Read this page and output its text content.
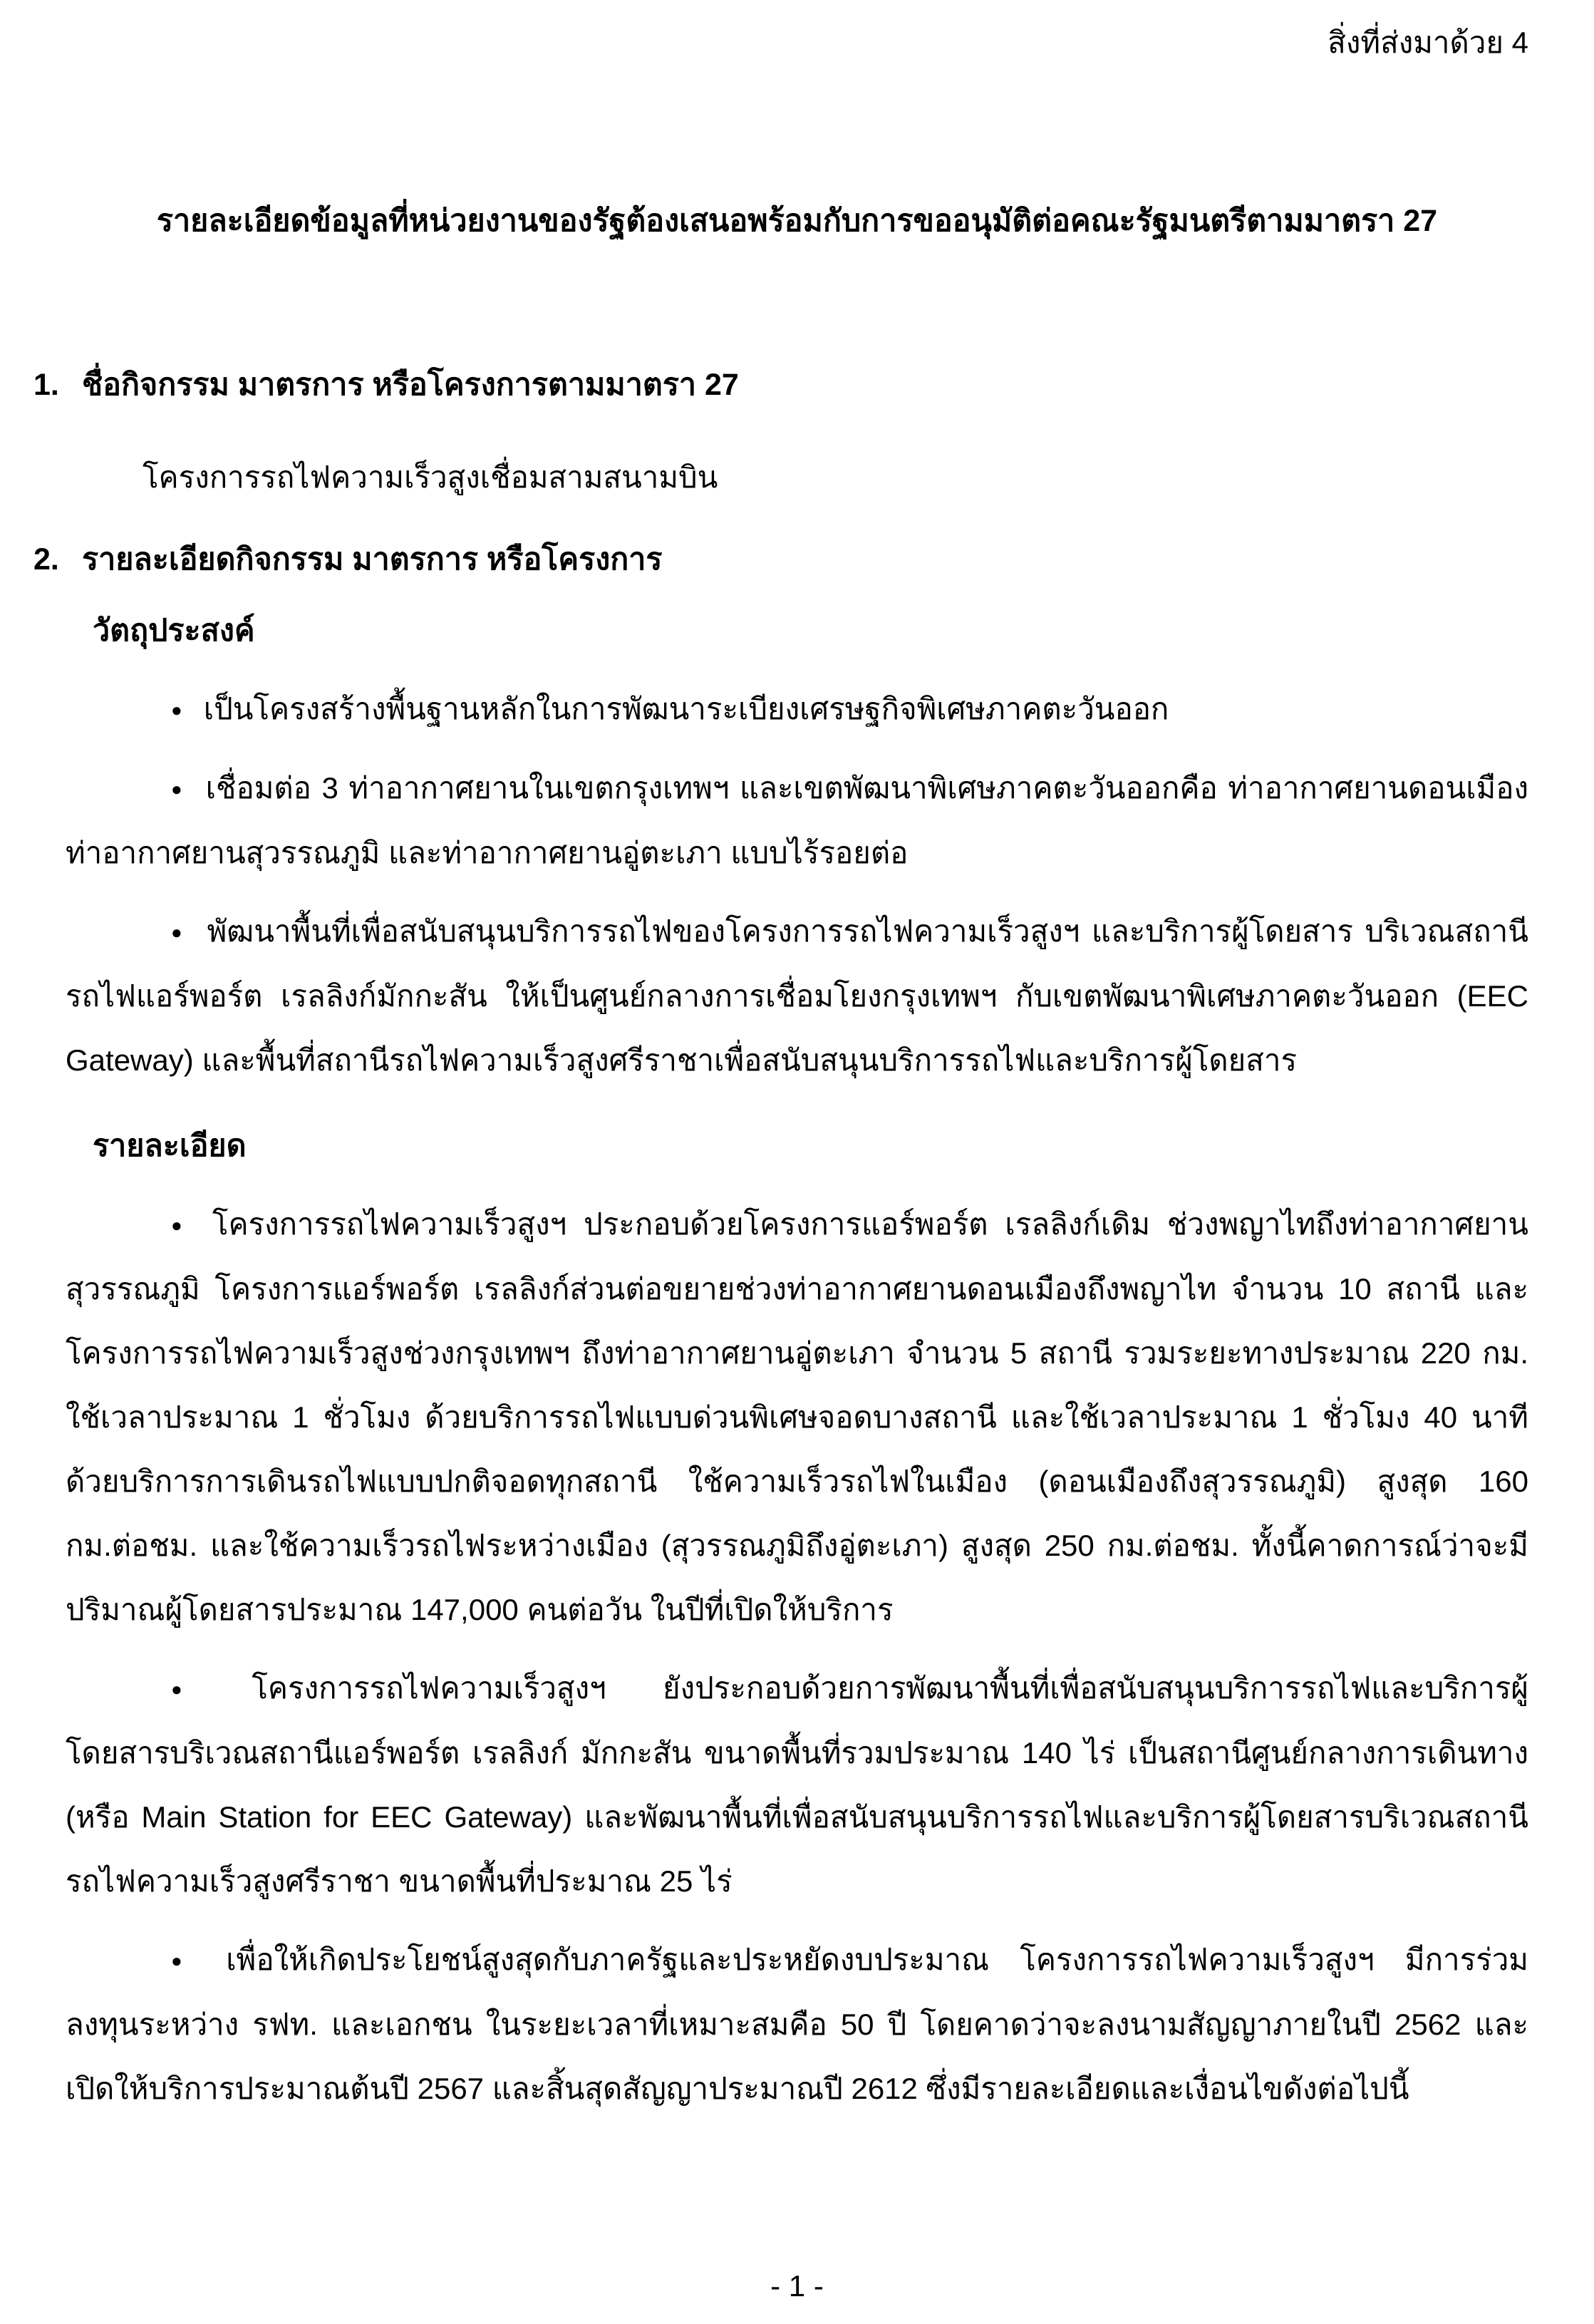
สิ่งที่ส่งมาด้วย 4
รายละเอียดข้อมูลที่หน่วยงานของรัฐต้องเสนอพร้อมกับการขออนุมัติต่อคณะรัฐมนตรีตามมาตรา 27
1. ชื่อกิจกรรม มาตรการ หรือโครงการตามมาตรา 27

โครงการรถไฟความเร็วสูงเชื่อมสามสนามบิน

2. รายละเอียดกิจกรรม มาตรการ หรือโครงการ
วัตถุประสงค์

● เป็นโครงสร้างพื้นฐานหลักในการพัฒนาระเบียงเศรษฐกิจพิเศษภาคตะวันออก

● เชื่อมต่อ 3 ท่าอากาศยานในเขตกรุงเทพฯ และเขตพัฒนาพิเศษภาคตะวันออกคือ ท่าอากาศยานดอนเมือง ท่าอากาศยานสุวรรณภูมิ และท่าอากาศยานอู่ตะเภา แบบไร้รอยต่อ

● พัฒนาพื้นที่เพื่อสนับสนุนบริการรถไฟของโครงการรถไฟความเร็วสูงฯ และบริการผู้โดยสาร บริเวณสถานีรถไฟแอร์พอร์ต เรลลิงก์มักกะสัน ให้เป็นศูนย์กลางการเชื่อมโยงกรุงเทพฯ กับเขตพัฒนาพิเศษภาคตะวันออก (EEC Gateway) และพื้นที่สถานีรถไฟความเร็วสูงศรีราชาเพื่อสนับสนุนบริการรถไฟและบริการผู้โดยสาร

รายละเอียด

● โครงการรถไฟความเร็วสูงฯ ประกอบด้วยโครงการแอร์พอร์ต เรลลิงก์เดิม ช่วงพญาไทถึงท่าอากาศยานสุวรรณภูมิ โครงการแอร์พอร์ต เรลลิงก์ส่วนต่อขยายช่วงท่าอากาศยานดอนเมืองถึงพญาไท จำนวน 10 สถานี และโครงการรถไฟความเร็วสูงช่วงกรุงเทพฯ ถึงท่าอากาศยานอู่ตะเภา จำนวน 5 สถานี รวมระยะทางประมาณ 220 กม. ใช้เวลาประมาณ 1 ชั่วโมง ด้วยบริการรถไฟแบบด่วนพิเศษจอดบางสถานี และใช้เวลาประมาณ 1 ชั่วโมง 40 นาที ด้วยบริการการเดินรถไฟแบบปกติจอดทุกสถานี ใช้ความเร็วรถไฟในเมือง (ดอนเมืองถึงสุวรรณภูมิ) สูงสุด 160 กม.ต่อชม. และใช้ความเร็วรถไฟระหว่างเมือง (สุวรรณภูมิถึงอู่ตะเภา) สูงสุด 250 กม.ต่อชม. ทั้งนี้คาดการณ์ว่าจะมีปริมาณผู้โดยสารประมาณ 147,000 คนต่อวัน ในปีที่เปิดให้บริการ

● โครงการรถไฟความเร็วสูงฯ ยังประกอบด้วยการพัฒนาพื้นที่เพื่อสนับสนุนบริการรถไฟและบริการผู้โดยสารบริเวณสถานีแอร์พอร์ต เรลลิงก์ มักกะสัน ขนาดพื้นที่รวมประมาณ 140 ไร่ เป็นสถานีศูนย์กลางการเดินทาง (หรือ Main Station for EEC Gateway) และพัฒนาพื้นที่เพื่อสนับสนุนบริการรถไฟและบริการผู้โดยสารบริเวณสถานีรถไฟความเร็วสูงศรีราชา ขนาดพื้นที่ประมาณ 25 ไร่

● เพื่อให้เกิดประโยชน์สูงสุดกับภาครัฐและประหยัดงบประมาณ โครงการรถไฟความเร็วสูงฯ มีการร่วมลงทุนระหว่าง รฟท. และเอกชน ในระยะเวลาที่เหมาะสมคือ 50 ปี โดยคาดว่าจะลงนามสัญญาภายในปี 2562 และเปิดให้บริการประมาณต้นปี 2567 และสิ้นสุดสัญญาประมาณปี 2612 ซึ่งมีรายละเอียดและเงื่อนไขดังต่อไปนี้

- 1 -
